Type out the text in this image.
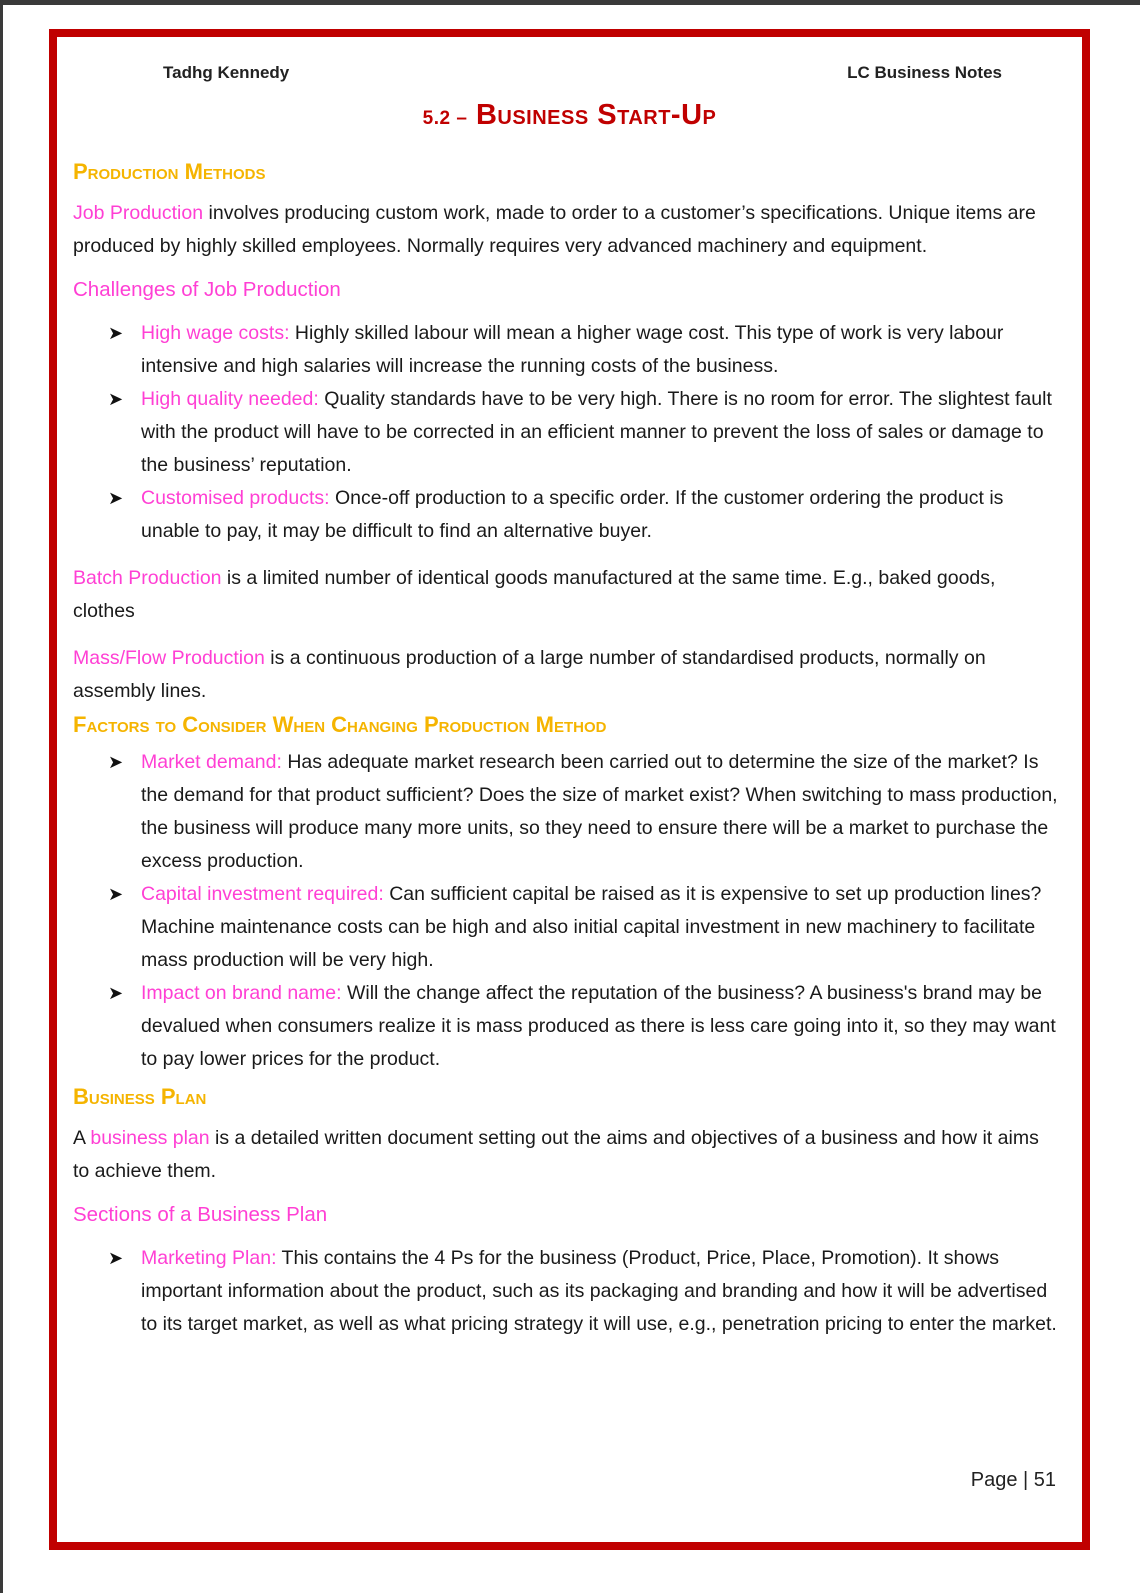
Tadhg Kennedy	LC Business Notes
5.2 – Business Start-Up
Production Methods

Job Production involves producing custom work, made to order to a customer’s specifications. Unique items are produced by highly skilled employees. Normally requires very advanced machinery and equipment.

Challenges of Job Production
➤ High wage costs: Highly skilled labour will mean a higher wage cost. This type of work is very labour intensive and high salaries will increase the running costs of the business.
➤ High quality needed: Quality standards have to be very high. There is no room for error. The slightest fault with the product will have to be corrected in an efficient manner to prevent the loss of sales or damage to the business’ reputation.
➤ Customised products: Once-off production to a specific order. If the customer ordering the product is unable to pay, it may be difficult to find an alternative buyer.

Batch Production is a limited number of identical goods manufactured at the same time. E.g., baked goods, clothes

Mass/Flow Production is a continuous production of a large number of standardised products, normally on assembly lines.

Factors to Consider When Changing Production Method
➤ Market demand: Has adequate market research been carried out to determine the size of the market? Is the demand for that product sufficient? Does the size of market exist? When switching to mass production, the business will produce many more units, so they need to ensure there will be a market to purchase the excess production.
➤ Capital investment required: Can sufficient capital be raised as it is expensive to set up production lines? Machine maintenance costs can be high and also initial capital investment in new machinery to facilitate mass production will be very high.
➤ Impact on brand name: Will the change affect the reputation of the business? A business's brand may be devalued when consumers realize it is mass produced as there is less care going into it, so they may want to pay lower prices for the product.
Business Plan

A business plan is a detailed written document setting out the aims and objectives of a business and how it aims to achieve them.

Sections of a Business Plan
➤ Marketing Plan: This contains the 4 Ps for the business (Product, Price, Place, Promotion). It shows important information about the product, such as its packaging and branding and how it will be advertised to its target market, as well as what pricing strategy it will use, e.g., penetration pricing to enter the market.
Page | 51
